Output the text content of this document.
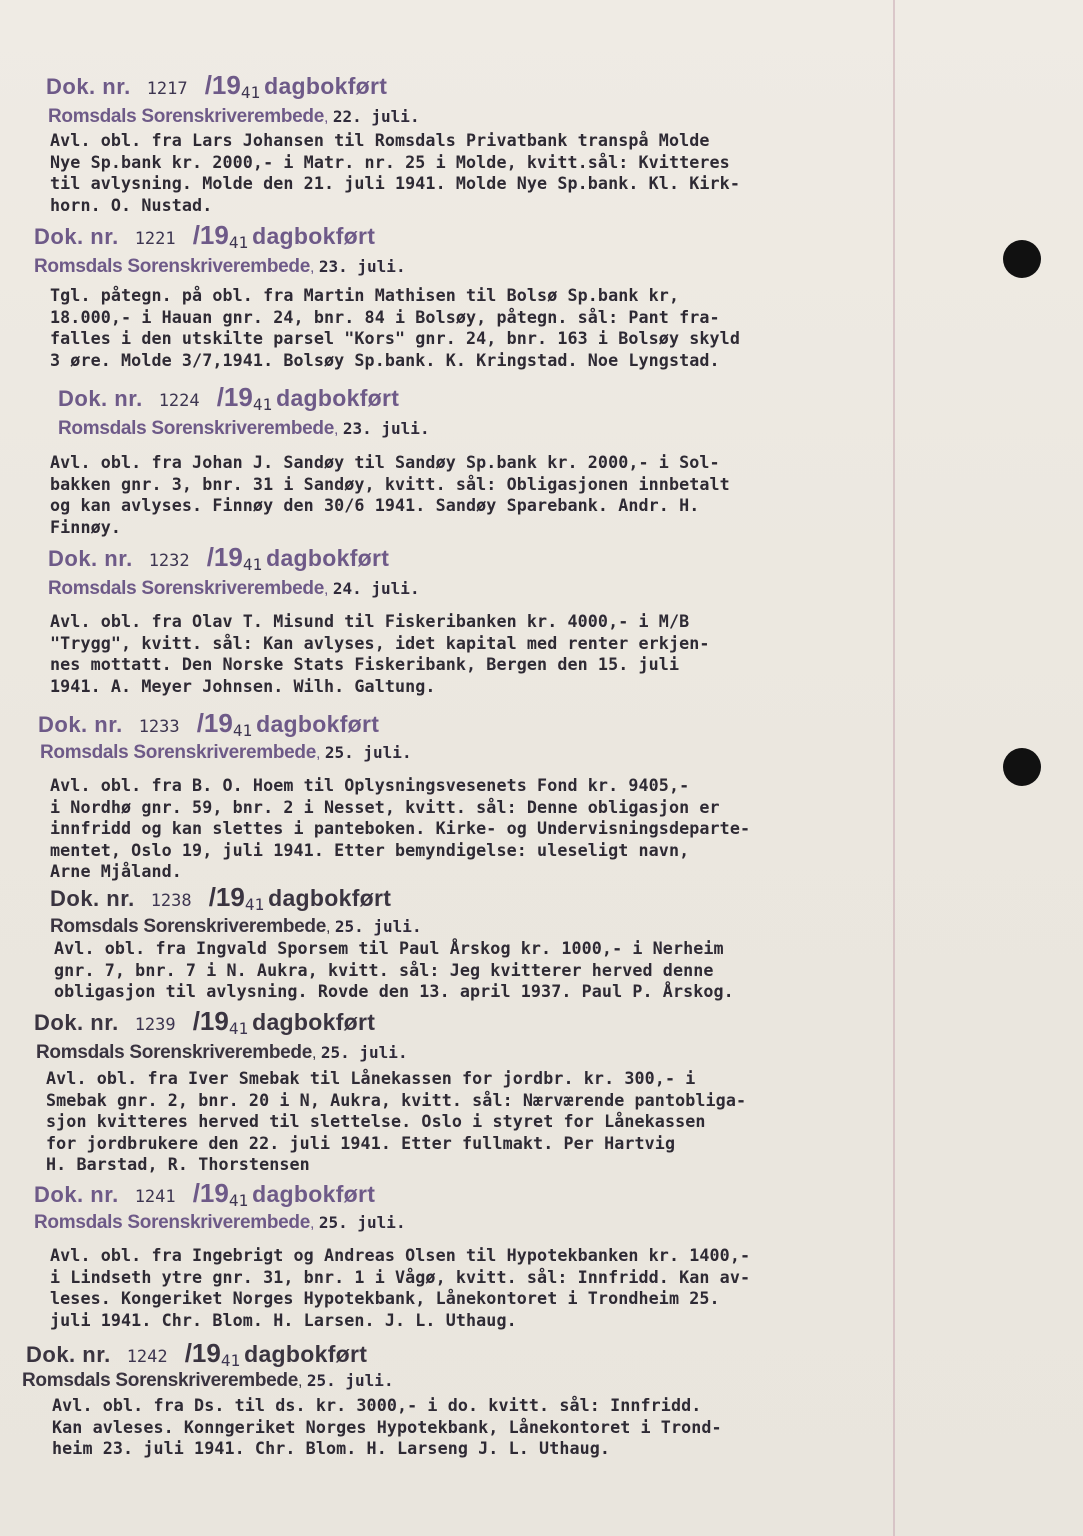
Dok. nr. 1217 /1941 dagbokført
Romsdals Sorenskriverembede, 22. juli.
Avl. obl. fra Lars Johansen til Romsdals Privatbank transpå Molde
Nye Sp.bank kr. 2000,- i Matr. nr. 25 i Molde, kvitt.sål: Kvitteres
til avlysning. Molde den 21. juli 1941. Molde Nye Sp.bank. Kl. Kirk-
horn. O. Nustad.
Dok. nr. 1221 /1941 dagbokført
Romsdals Sorenskriverembede, 23. juli.
Tgl. påtegn. på obl. fra Martin Mathisen til Bolsø Sp.bank kr,
18.000,- i Hauan gnr. 24, bnr. 84 i Bolsøy, påtegn. sål: Pant fra-
falles i den utskilte parsel "Kors" gnr. 24, bnr. 163 i Bolsøy skyld
3 øre. Molde 3/7,1941. Bolsøy Sp.bank. K. Kringstad. Noe Lyngstad.
Dok. nr. 1224 /1941 dagbokført
Romsdals Sorenskriverembede, 23. juli.
Avl. obl. fra Johan J. Sandøy til Sandøy Sp.bank kr. 2000,- i Sol-
bakken gnr. 3, bnr. 31 i Sandøy, kvitt. sål: Obligasjonen innbetalt
og kan avlyses. Finnøy den 30/6 1941. Sandøy Sparebank. Andr. H.
Finnøy.
Dok. nr. 1232 /1941 dagbokført
Romsdals Sorenskriverembede, 24. juli.
Avl. obl. fra Olav T. Misund til Fiskeribanken kr. 4000,- i M/B
"Trygg", kvitt. sål: Kan avlyses, idet kapital med renter erkjen-
nes mottatt. Den Norske Stats Fiskeribank, Bergen den 15. juli
1941. A. Meyer Johnsen. Wilh. Galtung.
Dok. nr. 1233 /1941 dagbokført
Romsdals Sorenskriverembede, 25. juli.
Avl. obl. fra B. O. Hoem til Oplysningsvesenets Fond kr. 9405,-
i Nordhø gnr. 59, bnr. 2 i Nesset, kvitt. sål: Denne obligasjon er
innfridd og kan slettes i panteboken. Kirke- og Undervisningsdeparte-
mentet, Oslo 19, juli 1941. Etter bemyndigelse: uleseligt navn,
Arne Mjåland.
Dok. nr. 1238 /1941 dagbokført
Romsdals Sorenskriverembede, 25. juli.
Avl. obl. fra Ingvald Sporsem til Paul Årskog kr. 1000,- i Nerheim
gnr. 7, bnr. 7 i N. Aukra, kvitt. sål: Jeg kvitterer herved denne
obligasjon til avlysning. Rovde den 13. april 1937. Paul P. Årskog.
Dok. nr. 1239 /1941 dagbokført
Romsdals Sorenskriverembede, 25. juli.
Avl. obl. fra Iver Smebak til Lånekassen for jordbr. kr. 300,- i
Smebak gnr. 2, bnr. 20 i N, Aukra, kvitt. sål: Nærværende pantobliga-
sjon kvitteres herved til slettelse. Oslo i styret for Lånekassen
for jordbrukere den 22. juli 1941. Etter fullmakt. Per Hartvig
H. Barstad, R. Thorstensen
Dok. nr. 1241 /1941 dagbokført
Romsdals Sorenskriverembede, 25. juli.
Avl. obl. fra Ingebrigt og Andreas Olsen til Hypotekbanken kr. 1400,-
i Lindseth ytre gnr. 31, bnr. 1 i Vågø, kvitt. sål: Innfridd. Kan av-
leses. Kongeriket Norges Hypotekbank, Lånekontoret i Trondheim 25.
juli 1941. Chr. Blom. H. Larsen. J. L. Uthaug.
Dok. nr. 1242 /1941 dagbokført
Romsdals Sorenskriverembede, 25. juli.
Avl. obl. fra Ds. til ds. kr. 3000,- i do. kvitt. sål: Innfridd.
Kan avleses. Konngeriket Norges Hypotekbank, Lånekontoret i Trond-
heim 23. juli 1941. Chr. Blom. H. Larseng J. L. Uthaug.
